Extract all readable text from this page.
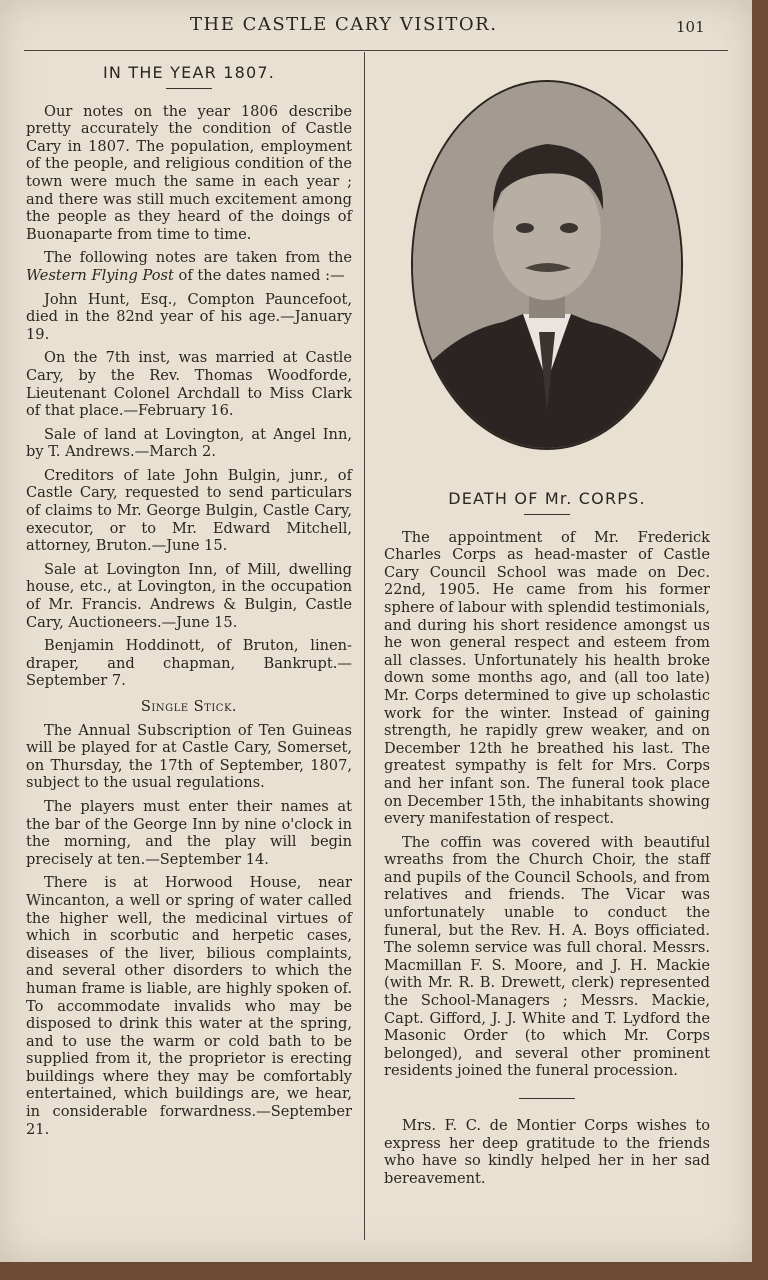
THE CASTLE CARY VISITOR.	101
IN THE YEAR 1807.

Our notes on the year 1806 describe pretty accurately the condition of Castle Cary in 1807. The population, employment of the people, and religious condition of the town were much the same in each year ; and there was still much excitement among the people as they heard of the doings of Buonaparte from time to time.

The following notes are taken from the Western Flying Post of the dates named :—

John Hunt, Esq., Compton Pauncefoot, died in the 82nd year of his age.—January 19.

On the 7th inst, was married at Castle Cary, by the Rev. Thomas Woodforde, Lieutenant Colonel Archdall to Miss Clark of that place.—February 16.

Sale of land at Lovington, at Angel Inn, by T. Andrews.—March 2.

Creditors of late John Bulgin, junr., of Castle Cary, requested to send particulars of claims to Mr. George Bulgin, Castle Cary, executor, or to Mr. Edward Mitchell, attorney, Bruton.—June 15.

Sale at Lovington Inn, of Mill, dwelling house, etc., at Lovington, in the occupation of Mr. Francis. Andrews & Bulgin, Castle Cary, Auctioneers.—June 15.

Benjamin Hoddinott, of Bruton, linen-draper, and chapman, Bankrupt.—September 7.

Single Stick.

The Annual Subscription of Ten Guineas will be played for at Castle Cary, Somerset, on Thursday, the 17th of September, 1807, subject to the usual regulations.

The players must enter their names at the bar of the George Inn by nine o'clock in the morning, and the play will begin precisely at ten.—September 14.

There is at Horwood House, near Wincanton, a well or spring of water called the higher well, the medicinal virtues of which in scorbutic and herpetic cases, diseases of the liver, bilious complaints, and several other disorders to which the human frame is liable, are highly spoken of. To accommodate invalids who may be disposed to drink this water at the spring, and to use the warm or cold bath to be supplied from it, the proprietor is erecting buildings where they may be comfortably entertained, which buildings are, we hear, in considerable forwardness.—September 21.

DEATH OF Mr. CORPS.

The appointment of Mr. Frederick Charles Corps as head-master of Castle Cary Council School was made on Dec. 22nd, 1905. He came from his former sphere of labour with splendid testimonials, and during his short residence amongst us he won general respect and esteem from all classes. Unfortunately his health broke down some months ago, and (all too late) Mr. Corps determined to give up scholastic work for the winter. Instead of gaining strength, he rapidly grew weaker, and on December 12th he breathed his last. The greatest sympathy is felt for Mrs. Corps and her infant son. The funeral took place on December 15th, the inhabitants showing every manifestation of respect.

The coffin was covered with beautiful wreaths from the Church Choir, the staff and pupils of the Council Schools, and from relatives and friends. The Vicar was unfortunately unable to conduct the funeral, but the Rev. H. A. Boys officiated. The solemn service was full choral. Messrs. Macmillan F. S. Moore, and J. H. Mackie (with Mr. R. B. Drewett, clerk) represented the School-Managers ; Messrs. Mackie, Capt. Gifford, J. J. White and T. Lydford the Masonic Order (to which Mr. Corps belonged), and several other prominent residents joined the funeral procession.

Mrs. F. C. de Montier Corps wishes to express her deep gratitude to the friends who have so kindly helped her in her sad bereavement.
